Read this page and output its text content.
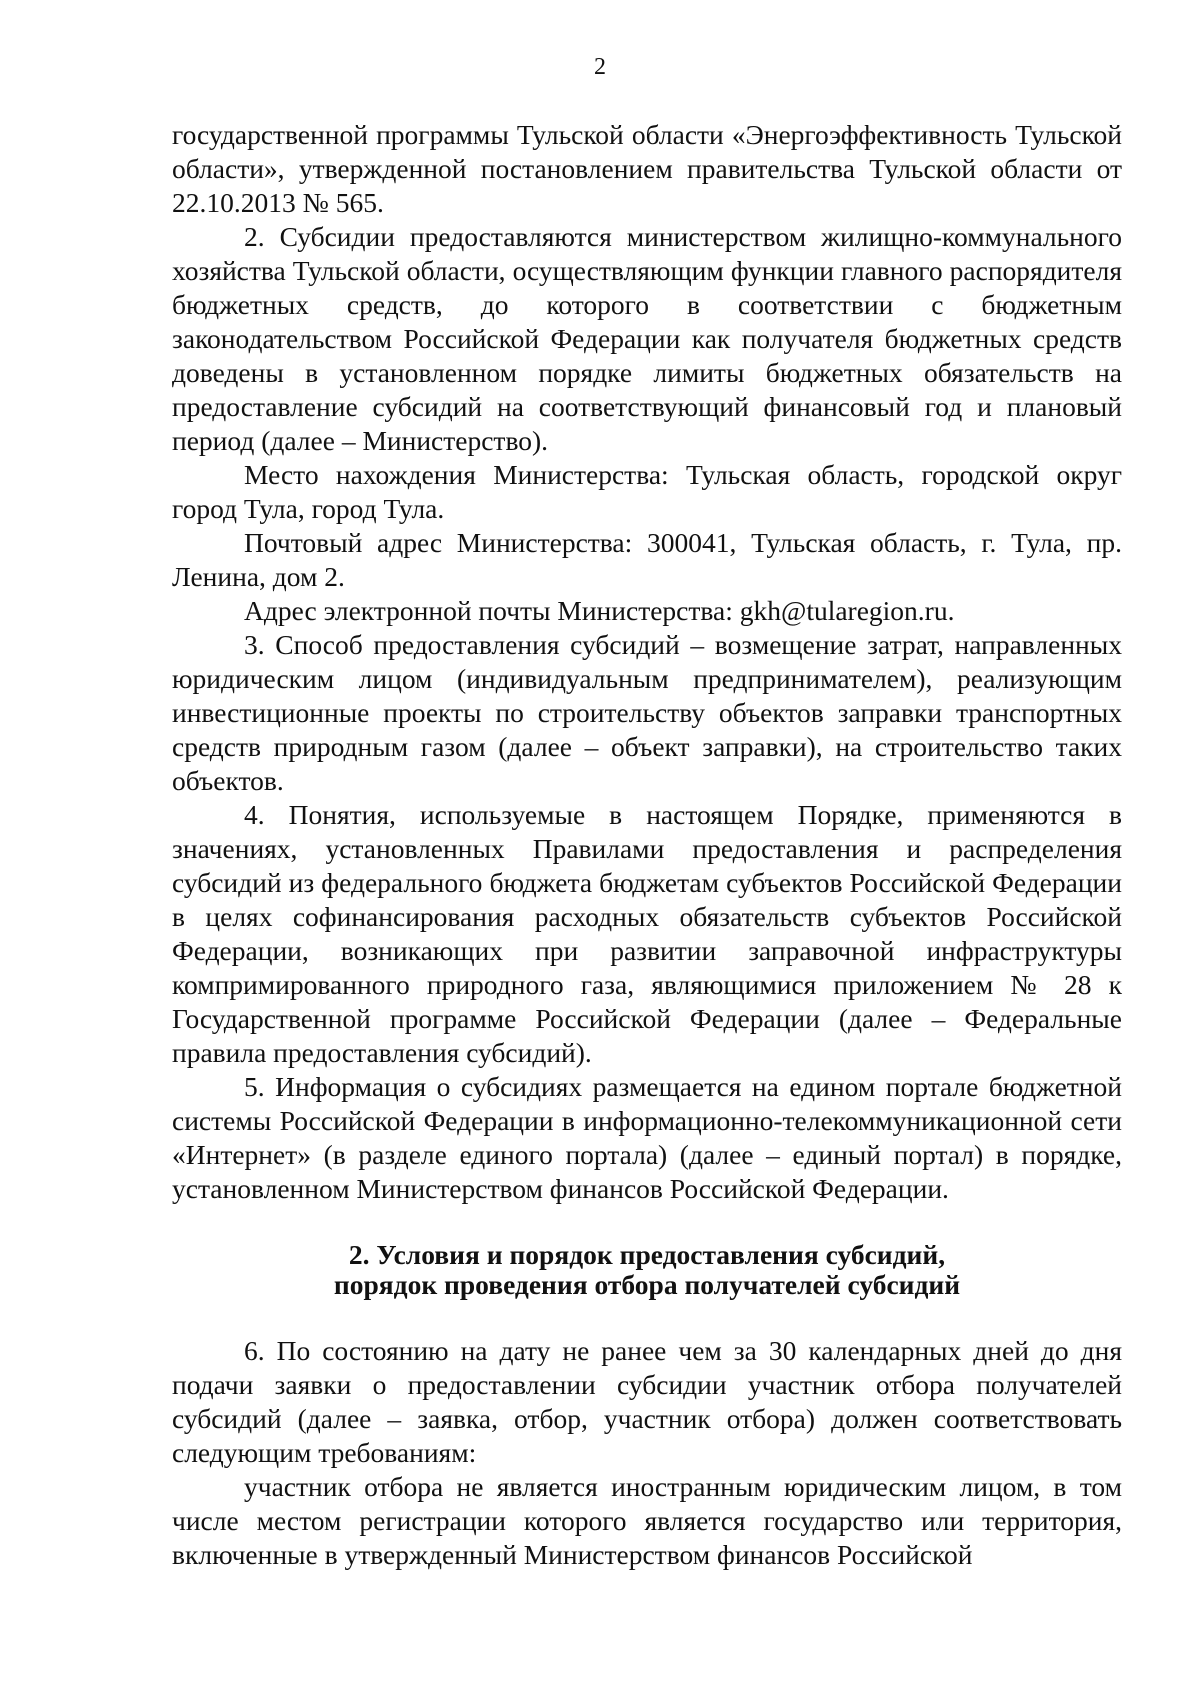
2

государственной программы Тульской области «Энергоэффективность Тульской области», утвержденной постановлением правительства Тульской области от 22.10.2013 № 565.

2. Субсидии предоставляются министерством жилищно-коммунального хозяйства Тульской области, осуществляющим функции главного распорядителя бюджетных средств, до которого в соответствии с бюджетным законодательством Российской Федерации как получателя бюджетных средств доведены в установленном порядке лимиты бюджетных обязательств на предоставление субсидий на соответствующий финансовый год и плановый период (далее – Министерство).

Место нахождения Министерства: Тульская область, городской округ город Тула, город Тула.

Почтовый адрес Министерства: 300041, Тульская область, г. Тула, пр. Ленина, дом 2.

Адрес электронной почты Министерства: gkh@tularegion.ru.

3. Способ предоставления субсидий – возмещение затрат, направленных юридическим лицом (индивидуальным предпринимателем), реализующим инвестиционные проекты по строительству объектов заправки транспортных средств природным газом (далее – объект заправки), на строительство таких объектов.

4. Понятия, используемые в настоящем Порядке, применяются в значениях, установленных Правилами предоставления и распределения субсидий из федерального бюджета бюджетам субъектов Российской Федерации в целях софинансирования расходных обязательств субъектов Российской Федерации, возникающих при развитии заправочной инфраструктуры компримированного природного газа, являющимися приложением № 28 к Государственной программе Российской Федерации (далее – Федеральные правила предоставления субсидий).

5. Информация о субсидиях размещается на едином портале бюджетной системы Российской Федерации в информационно-телекоммуникационной сети «Интернет» (в разделе единого портала) (далее – единый портал) в порядке, установленном Министерством финансов Российской Федерации.

2. Условия и порядок предоставления субсидий,
порядок проведения отбора получателей субсидий

6. По состоянию на дату не ранее чем за 30 календарных дней до дня подачи заявки о предоставлении субсидии участник отбора получателей субсидий (далее – заявка, отбор, участник отбора) должен соответствовать следующим требованиям:

участник отбора не является иностранным юридическим лицом, в том числе местом регистрации которого является государство или территория, включенные в утвержденный Министерством финансов Российской
